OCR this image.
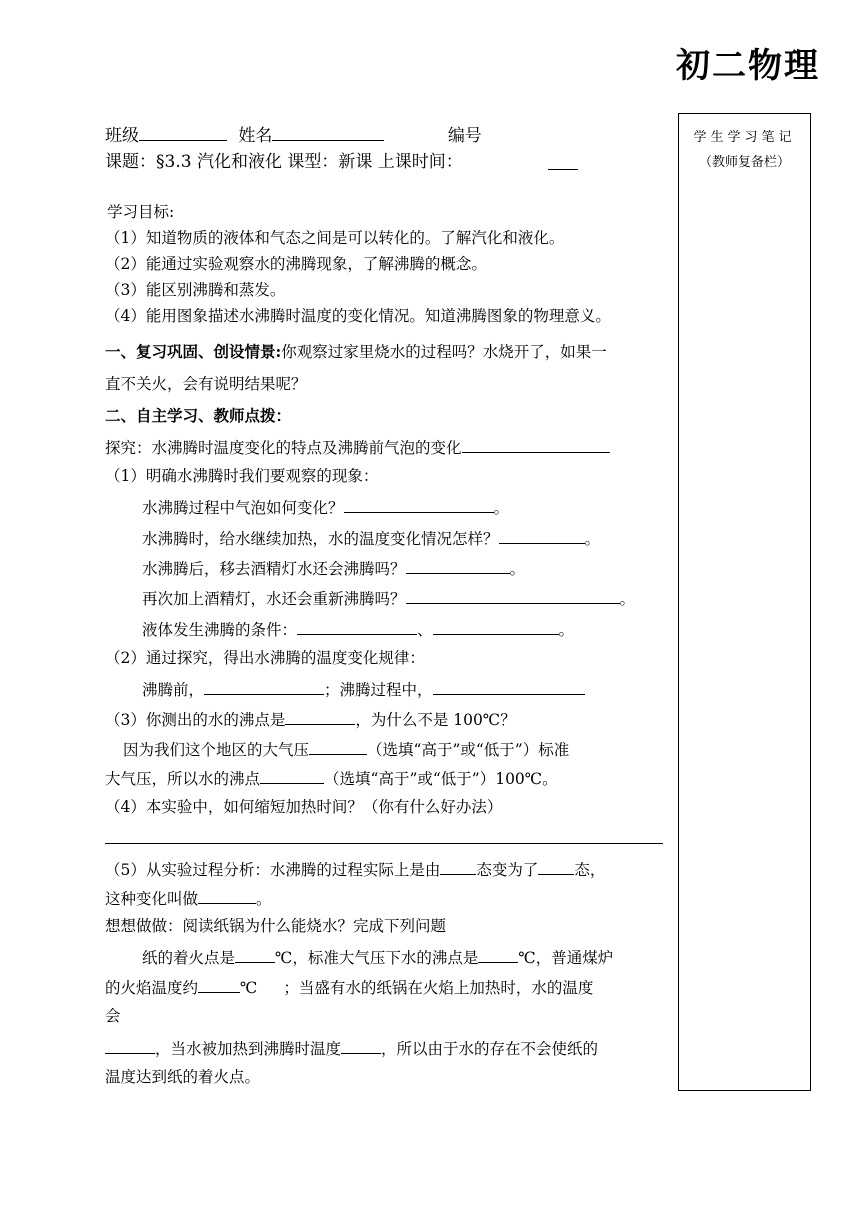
初二物理
学生学习笔记
（教师复备栏）
班级	姓名	编号
课题：§3.3 汽化和液化 课型：新课 上课时间：
学习目标:
（1）知道物质的液体和气态之间是可以转化的。了解汽化和液化。
（2）能通过实验观察水的沸腾现象，了解沸腾的概念。
（3）能区别沸腾和蒸发。
（4）能用图象描述水沸腾时温度的变化情况。知道沸腾图象的物理意义。
一、复习巩固、创设情景:你观察过家里烧水的过程吗？水烧开了，如果一
直不关火，会有说明结果呢？
二、自主学习、教师点拨：
探究：水沸腾时温度变化的特点及沸腾前气泡的变化
（1）明确水沸腾时我们要观察的现象：
水沸腾过程中气泡如何变化？	。
水沸腾时，给水继续加热，水的温度变化情况怎样？	。
水沸腾后，移去酒精灯水还会沸腾吗？	。
再次加上酒精灯，水还会重新沸腾吗？	。
液体发生沸腾的条件：	、	。
（2）通过探究，得出水沸腾的温度变化规律：
沸腾前，	；沸腾过程中，
（3）你测出的水的沸点是	，为什么不是 100℃？
因为我们这个地区的大气压	（选填“高于”或“低于”）标准
大气压，所以水的沸点	（选填“高于”或“低于”）100℃。
（4）本实验中，如何缩短加热时间？（你有什么好办法）
（5）从实验过程分析：水沸腾的过程实际上是由 态变为了 态，
这种变化叫做	。
想想做做：阅读纸锅为什么能烧水？完成下列问题
纸的着火点是	℃，标准大气压下水的沸点是	℃，普通煤炉
的火焰温度约	℃ ；当盛有水的纸锅在火焰上加热时，水的温度
会
，当水被加热到沸腾时温度	，所以由于水的存在不会使纸的
温度达到纸的着火点。
